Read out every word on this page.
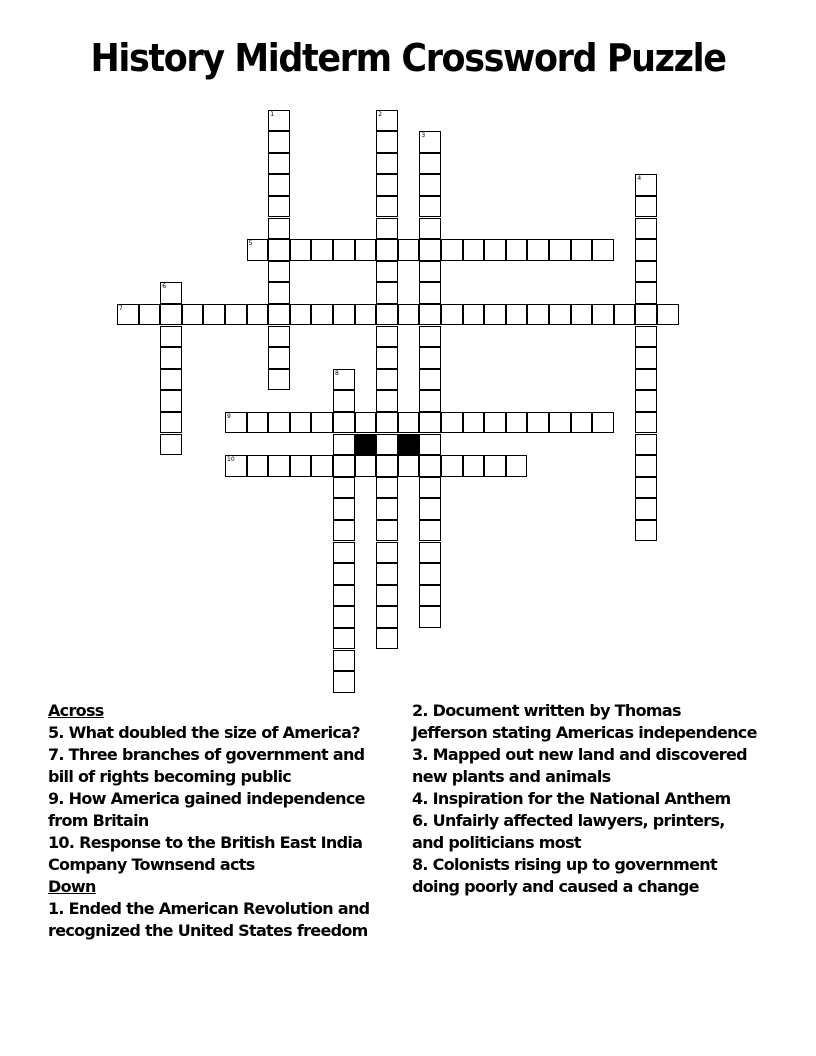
History Midterm Crossword Puzzle
1	2
3
4
5
6
7
8
9
10
Across
5. What doubled the size of America?
7. Three branches of government and bill of rights becoming public
9. How America gained independence from Britain
10. Response to the British East India Company Townsend acts
Down
1. Ended the American Revolution and recognized the United States freedom
2. Document written by Thomas Jefferson stating Americas independence
3. Mapped out new land and discovered new plants and animals
4. Inspiration for the National Anthem
6. Unfairly affected lawyers, printers, and politicians most
8. Colonists rising up to government doing poorly and caused a change
